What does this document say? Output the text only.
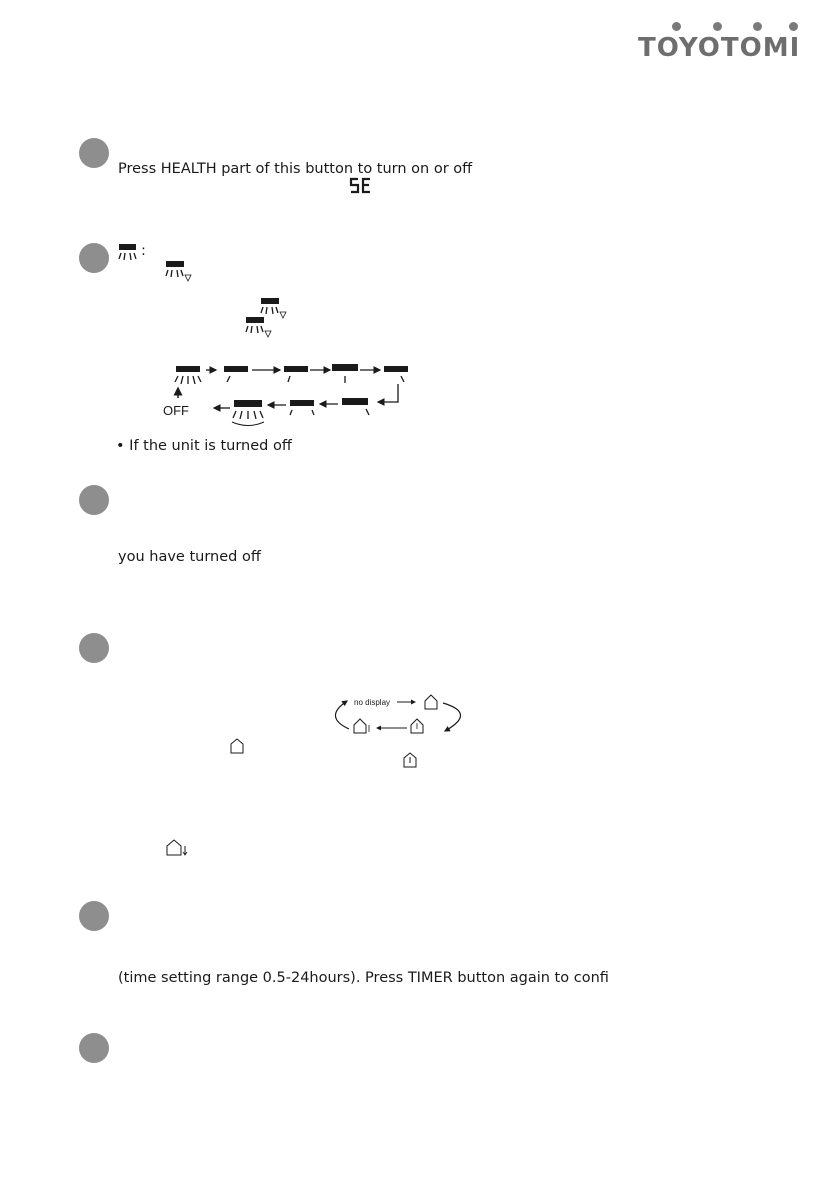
TOYOTOMI
Press HEALTH part of this button to turn on or off
:
OFF
• If the unit is turned off
you have turned off
no display
(time setting range 0.5-24hours). Press TIMER button again to confi
